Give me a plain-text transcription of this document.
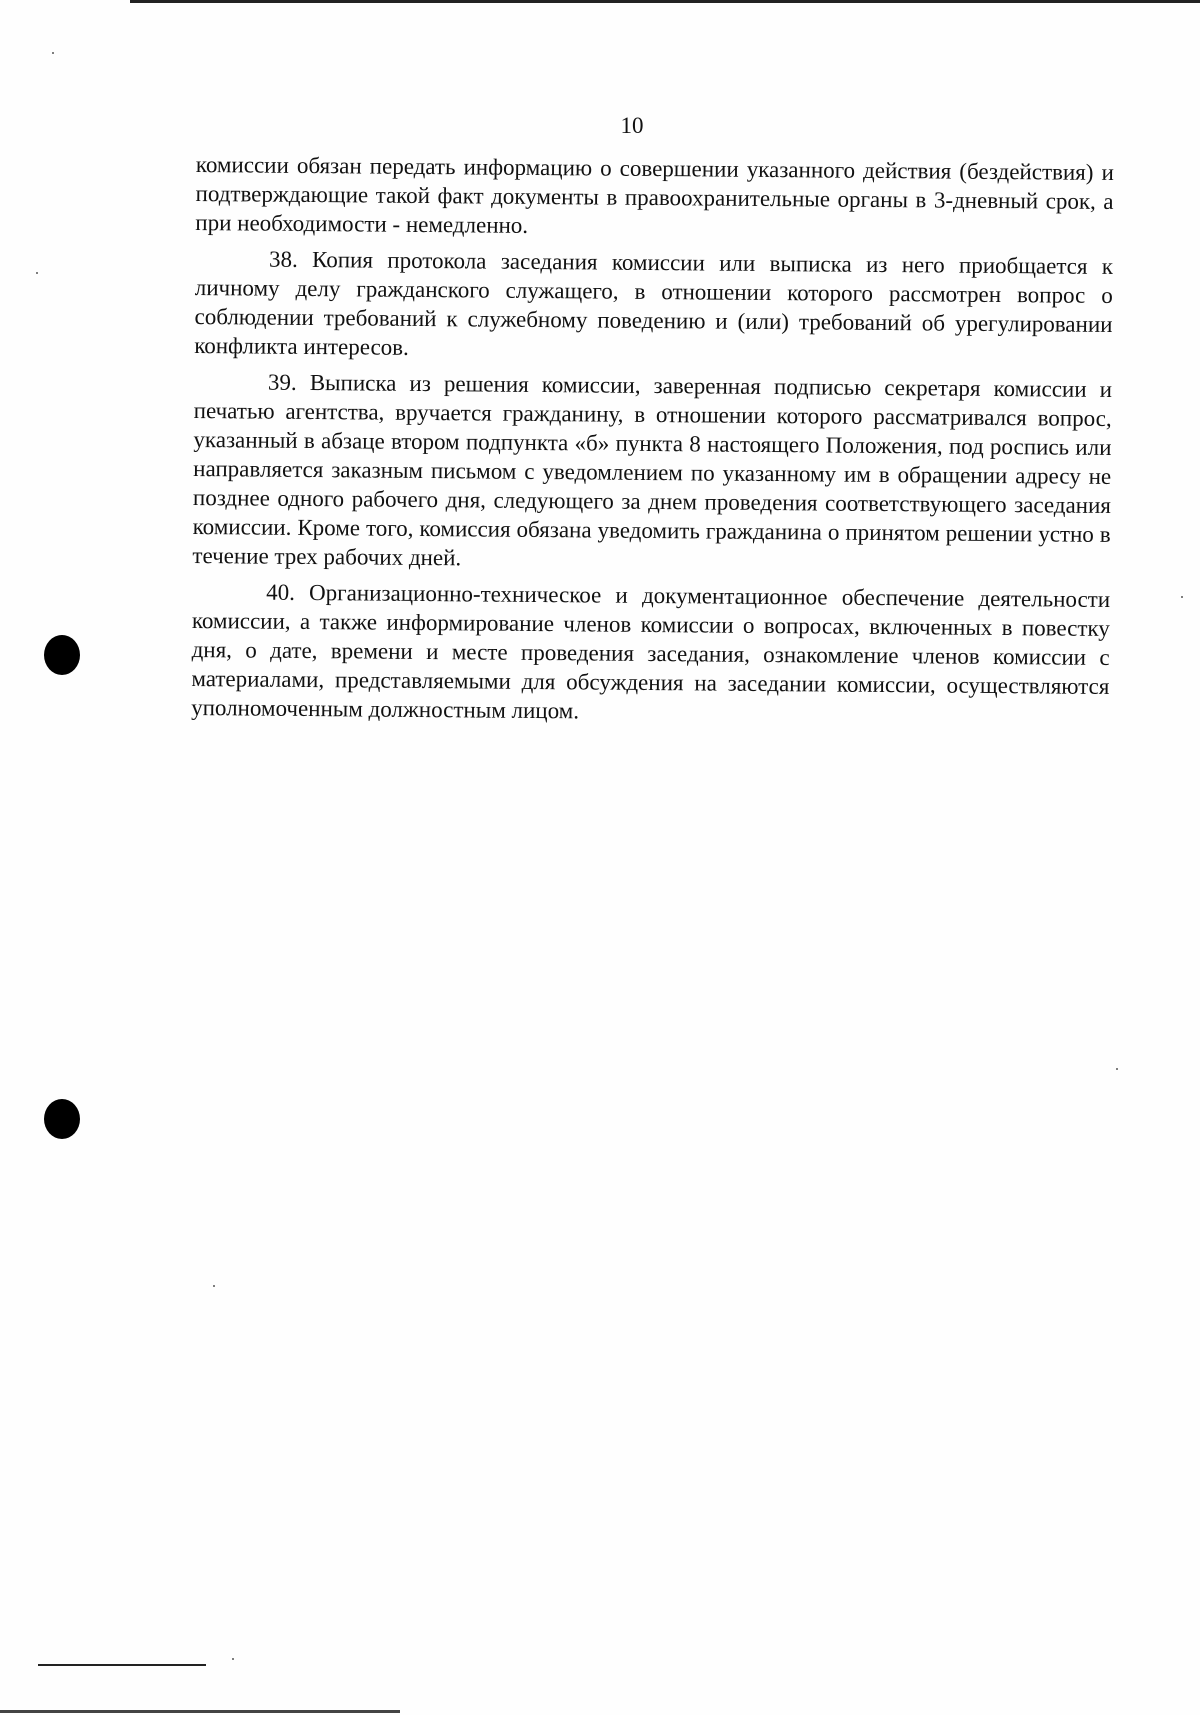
10

комиссии обязан передать информацию о совершении указанного действия (бездействия) и подтверждающие такой факт документы в правоохранительные органы в 3-дневный срок, а при необходимости - немедленно.

38. Копия протокола заседания комиссии или выписка из него приобщается к личному делу гражданского служащего, в отношении которого рассмотрен вопрос о соблюдении требований к служебному поведению и (или) требований об урегулировании конфликта интересов.

39. Выписка из решения комиссии, заверенная подписью секретаря комиссии и печатью агентства, вручается гражданину, в отношении которого рассматривался вопрос, указанный в абзаце втором подпункта «б» пункта 8 настоящего Положения, под роспись или направляется заказным письмом с уведомлением по указанному им в обращении адресу не позднее одного рабочего дня, следующего за днем проведения соответствующего заседания комиссии. Кроме того, комиссия обязана уведомить гражданина о принятом решении устно в течение трех рабочих дней.

40. Организационно-техническое и документационное обеспечение деятельности комиссии, а также информирование членов комиссии о вопросах, включенных в повестку дня, о дате, времени и месте проведения заседания, ознакомление членов комиссии с материалами, представляемыми для обсуждения на заседании комиссии, осуществляются уполномоченным должностным лицом.
